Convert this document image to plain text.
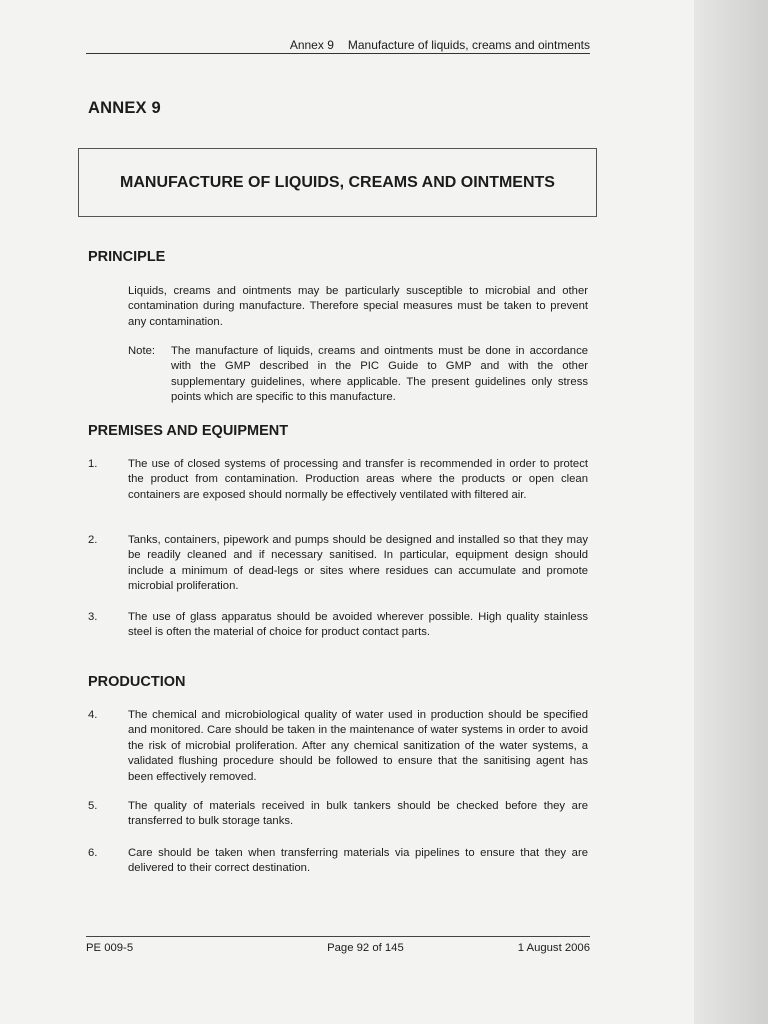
Annex 9 Manufacture of liquids, creams and ointments
ANNEX 9
MANUFACTURE OF LIQUIDS, CREAMS AND OINTMENTS
PRINCIPLE
Liquids, creams and ointments may be particularly susceptible to microbial and other contamination during manufacture. Therefore special measures must be taken to prevent any contamination.
Note: The manufacture of liquids, creams and ointments must be done in accordance with the GMP described in the PIC Guide to GMP and with the other supplementary guidelines, where applicable. The present guidelines only stress points which are specific to this manufacture.
PREMISES AND EQUIPMENT
1.	The use of closed systems of processing and transfer is recommended in order to protect the product from contamination. Production areas where the products or open clean containers are exposed should normally be effectively ventilated with filtered air.
2.	Tanks, containers, pipework and pumps should be designed and installed so that they may be readily cleaned and if necessary sanitised. In particular, equipment design should include a minimum of dead-legs or sites where residues can accumulate and promote microbial proliferation.
3.	The use of glass apparatus should be avoided wherever possible. High quality stainless steel is often the material of choice for product contact parts.
PRODUCTION
4.	The chemical and microbiological quality of water used in production should be specified and monitored. Care should be taken in the maintenance of water systems in order to avoid the risk of microbial proliferation. After any chemical sanitization of the water systems, a validated flushing procedure should be followed to ensure that the sanitising agent has been effectively removed.
5.	The quality of materials received in bulk tankers should be checked before they are transferred to bulk storage tanks.
6.	Care should be taken when transferring materials via pipelines to ensure that they are delivered to their correct destination.
PE 009-5	Page 92 of 145	1 August 2006
